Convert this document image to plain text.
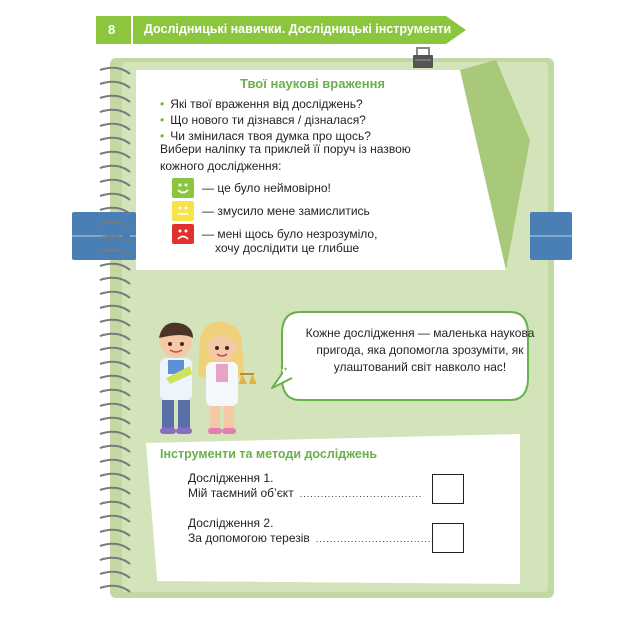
8 Дослідницькі навички. Дослідницькі інструменти
Твої наукові враження
• Які твої враження від досліджень?
• Що нового ти дізнався / дізналася?
• Чи змінилася твоя думка про щось?
Вибери наліпку та приклей її поруч із назвою кожного дослідження:
— це було неймовірно!
— змусило мене замислитись
— мені щось було незрозуміло,
хочу дослідити це глибше
Кожне дослідження — маленька наукова пригода, яка допомогла зрозуміти, як улаштований світ навколо нас!
Інструменти та методи досліджень
Дослідження 1.
Мій таємний об’єкт ...................................
Дослідження 2.
За допомогою терезів .................................
